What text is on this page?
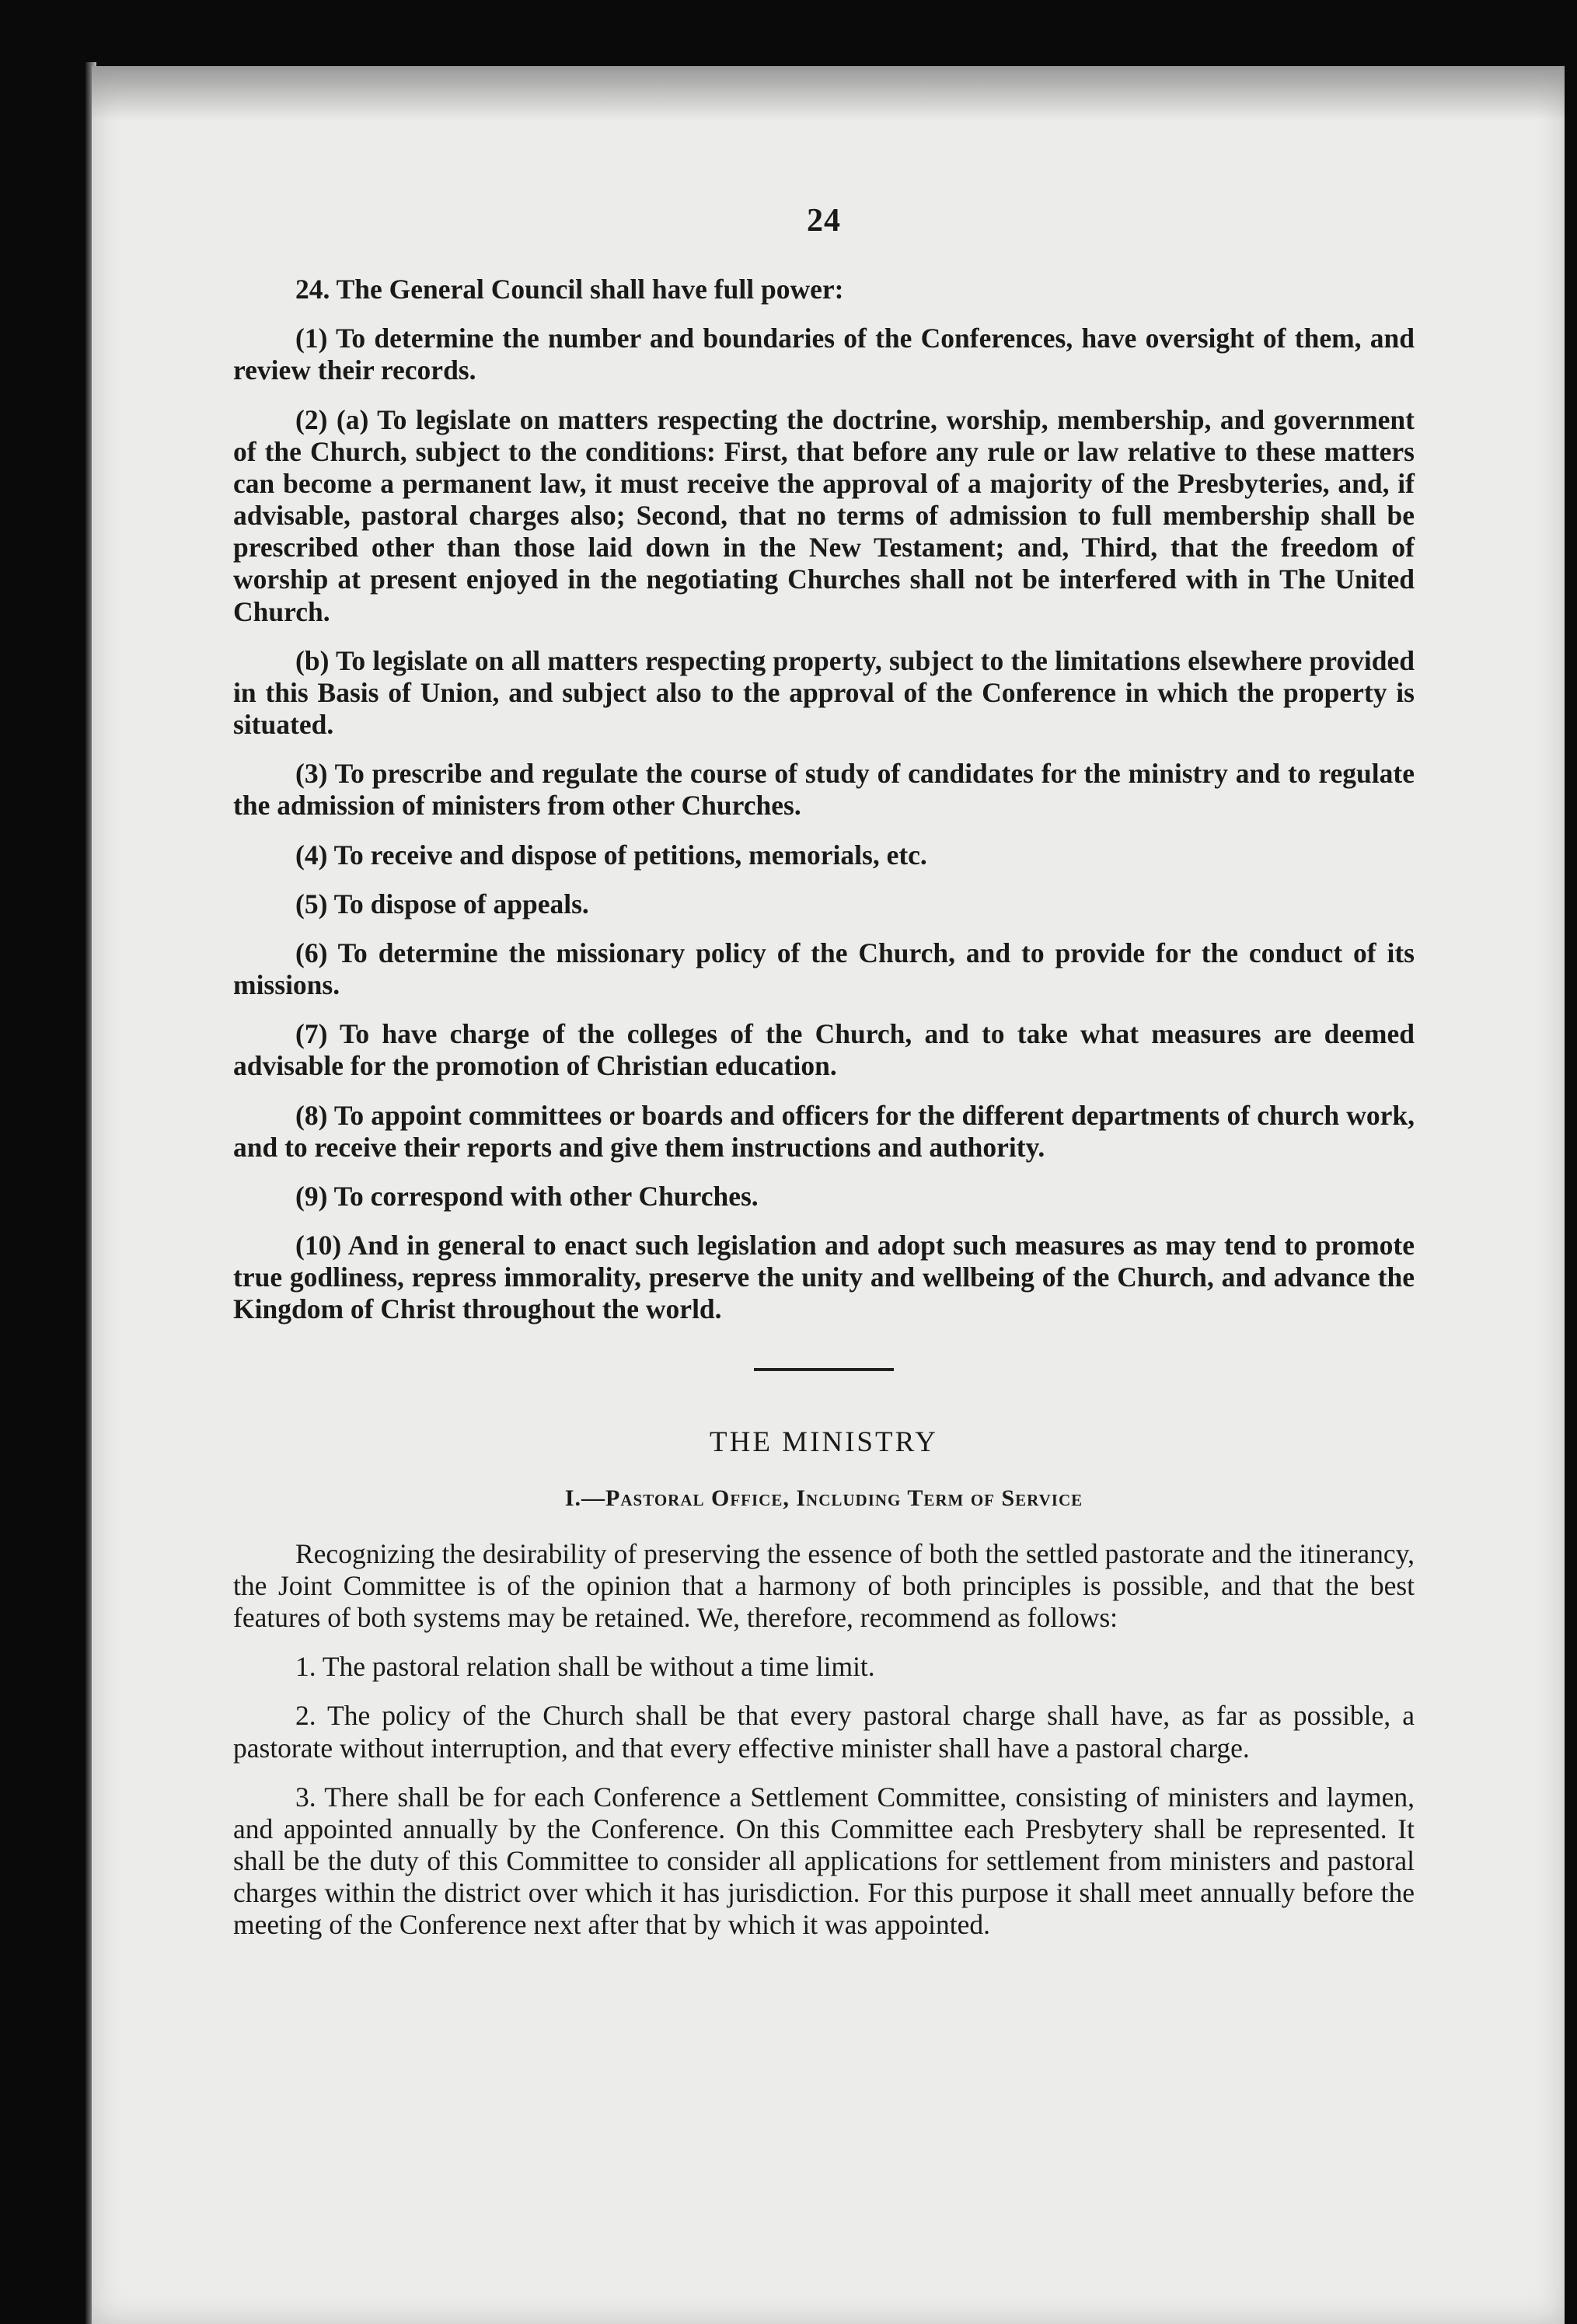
24

24. The General Council shall have full power:

(1) To determine the number and boundaries of the Conferences, have oversight of them, and review their records.

(2) (a) To legislate on matters respecting the doctrine, worship, membership, and government of the Church, subject to the conditions: First, that before any rule or law relative to these matters can become a permanent law, it must receive the approval of a majority of the Presbyteries, and, if advisable, pastoral charges also; Second, that no terms of admission to full membership shall be prescribed other than those laid down in the New Testament; and, Third, that the freedom of worship at present enjoyed in the negotiating Churches shall not be interfered with in The United Church.

(b) To legislate on all matters respecting property, subject to the limitations elsewhere provided in this Basis of Union, and subject also to the approval of the Conference in which the property is situated.

(3) To prescribe and regulate the course of study of candidates for the ministry and to regulate the admission of ministers from other Churches.

(4) To receive and dispose of petitions, memorials, etc.

(5) To dispose of appeals.

(6) To determine the missionary policy of the Church, and to provide for the conduct of its missions.

(7) To have charge of the colleges of the Church, and to take what measures are deemed advisable for the promotion of Christian education.

(8) To appoint committees or boards and officers for the different departments of church work, and to receive their reports and give them instructions and authority.

(9) To correspond with other Churches.

(10) And in general to enact such legislation and adopt such measures as may tend to promote true godliness, repress immorality, preserve the unity and wellbeing of the Church, and advance the Kingdom of Christ throughout the world.

THE MINISTRY
I.—Pastoral Office, Including Term of Service

Recognizing the desirability of preserving the essence of both the settled pastorate and the itinerancy, the Joint Committee is of the opinion that a harmony of both principles is possible, and that the best features of both systems may be retained. We, therefore, recommend as follows:

1. The pastoral relation shall be without a time limit.

2. The policy of the Church shall be that every pastoral charge shall have, as far as possible, a pastorate without interruption, and that every effective minister shall have a pastoral charge.

3. There shall be for each Conference a Settlement Committee, consisting of ministers and laymen, and appointed annually by the Conference. On this Committee each Presbytery shall be represented. It shall be the duty of this Committee to consider all applications for settlement from ministers and pastoral charges within the district over which it has jurisdiction. For this purpose it shall meet annually before the meeting of the Conference next after that by which it was appointed.
